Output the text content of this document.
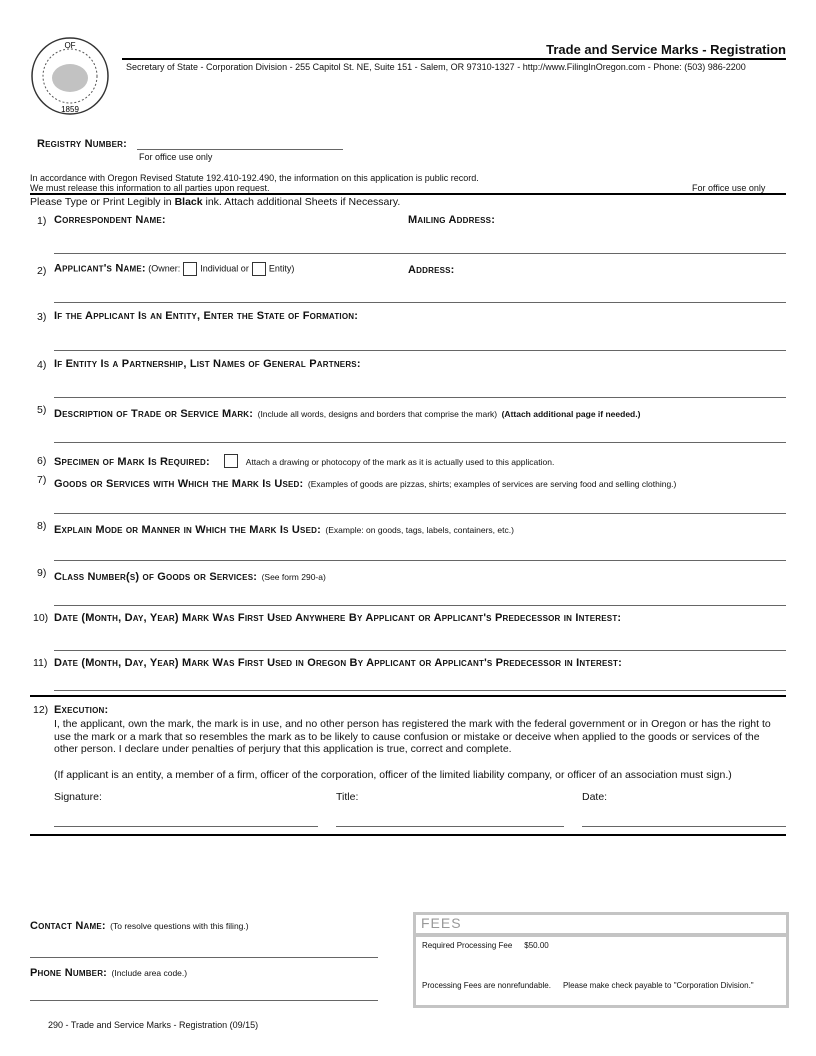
OF
1859
Trade and Service Marks - Registration
Secretary of State - Corporation Division - 255 Capitol St. NE, Suite 151 - Salem, OR 97310-1327 - http://www.FilingInOregon.com - Phone: (503) 986-2200
Registry Number:
For office use only
In accordance with Oregon Revised Statute 192.410-192.490, the information on this application is public record.
We must release this information to all parties upon request.	For office use only
Please Type or Print Legibly in Black ink. Attach additional Sheets if Necessary.
1) Correspondent Name:	Mailing Address:
2) Applicant's Name: (Owner: Individual or Entity)	Address:
3) If the Applicant Is an Entity, Enter the State of Formation:
4) If Entity Is a Partnership, List Names of General Partners:
5) Description of Trade or Service Mark: (Include all words, designs and borders that comprise the mark) (Attach additional page if needed.)
6) Specimen of Mark Is Required:	Attach a drawing or photocopy of the mark as it is actually used to this application.
7) Goods or Services with Which the Mark Is Used: (Examples of goods are pizzas, shirts; examples of services are serving food and selling clothing.)
8) Explain Mode or Manner in Which the Mark Is Used: (Example: on goods, tags, labels, containers, etc.)
9) Class Number(s) of Goods or Services: (See form 290-a)
10) Date (Month, Day, Year) Mark Was First Used Anywhere By Applicant or Applicant's Predecessor in Interest:
11) Date (Month, Day, Year) Mark Was First Used in Oregon By Applicant or Applicant's Predecessor in Interest:
12) Execution:
I, the applicant, own the mark, the mark is in use, and no other person has registered the mark with the federal government or in Oregon or has the right to use the mark or a mark that so resembles the mark as to be likely to cause confusion or mistake or deceive when applied to the goods or services of the other person. I declare under penalties of perjury that this application is true, correct and complete.
(If applicant is an entity, a member of a firm, officer of the corporation, officer of the limited liability company, or officer of an association must sign.)
Signature:	Title:	Date:
Contact Name: (To resolve questions with this filing.)
Phone Number: (Include area code.)
FEES
Required Processing Fee $50.00
Processing Fees are nonrefundable. Please make check payable to "Corporation Division."
290 - Trade and Service Marks - Registration (09/15)
